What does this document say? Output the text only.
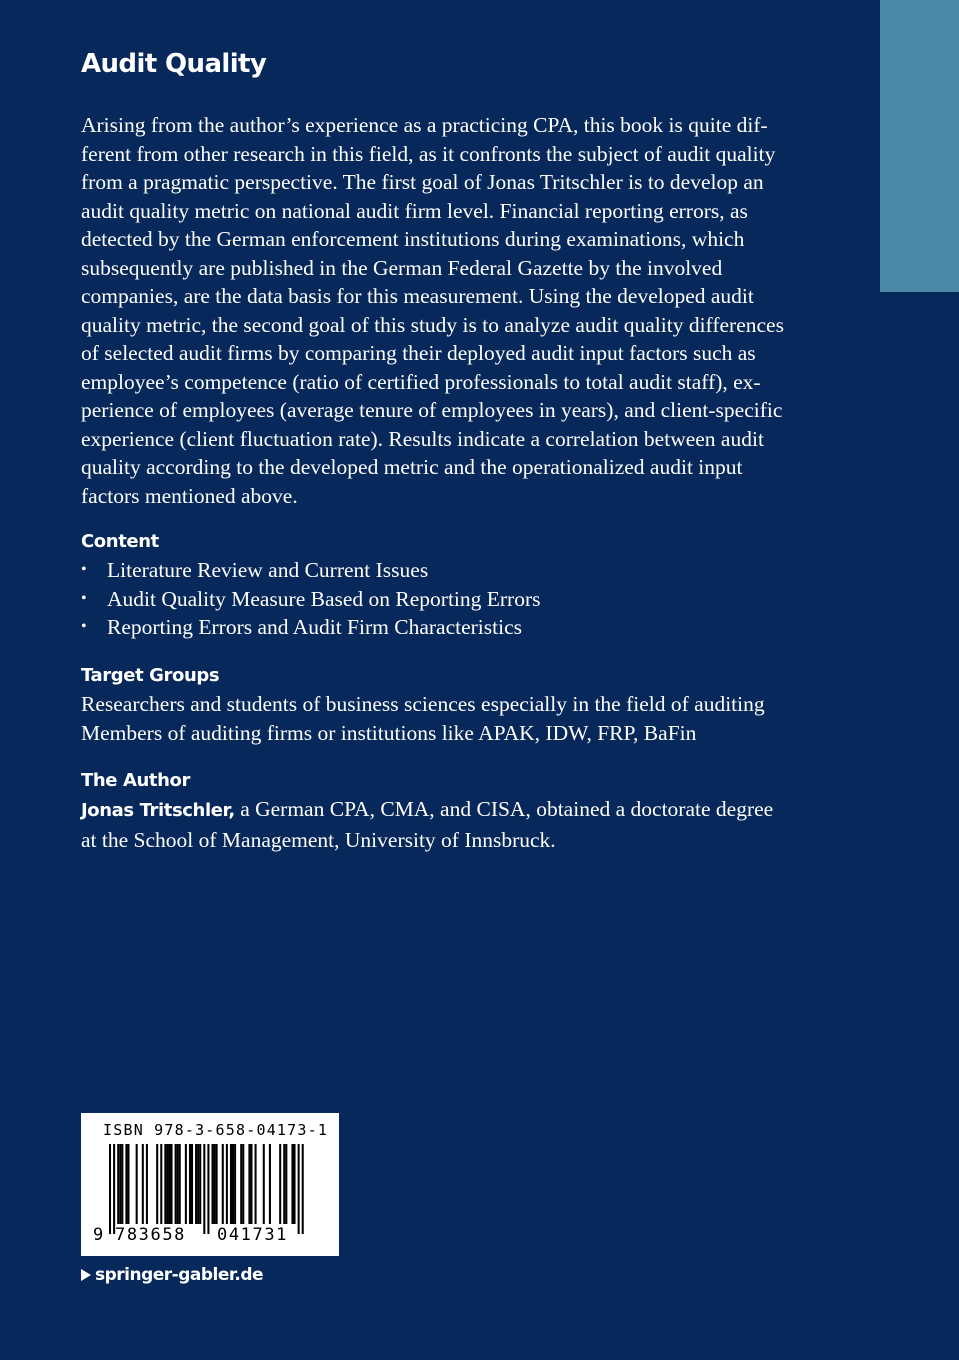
Audit Quality
Arising from the author’s experience as a practicing CPA, this book is quite dif-
ferent from other research in this field, as it confronts the subject of audit quality
from a pragmatic perspective. The first goal of Jonas Tritschler is to develop an
audit quality metric on national audit firm level. Financial reporting errors, as
detected by the German enforcement institutions during examinations, which
subsequently are published in the German Federal Gazette by the involved
companies, are the data basis for this measurement. Using the developed audit
quality metric, the second goal of this study is to analyze audit quality differences
of selected audit firms by comparing their deployed audit input factors such as
employee’s competence (ratio of certified professionals to total audit staff), ex-
perience of employees (average tenure of employees in years), and client-specific
experience (client fluctuation rate). Results indicate a correlation between audit
quality according to the developed metric and the operationalized audit input
factors mentioned above.
Content
• Literature Review and Current Issues
• Audit Quality Measure Based on Reporting Errors
• Reporting Errors and Audit Firm Characteristics
Target Groups

Researchers and students of business sciences especially in the field of auditing

Members of auditing firms or institutions like APAK, IDW, FRP, BaFin

The Author

Jonas Tritschler, a German CPA, CMA, and CISA, obtained a doctorate degree

at the School of Management, University of Innsbruck.

ISBN 978-3-658-04173-1
9 783658 041731
springer-gabler.de
